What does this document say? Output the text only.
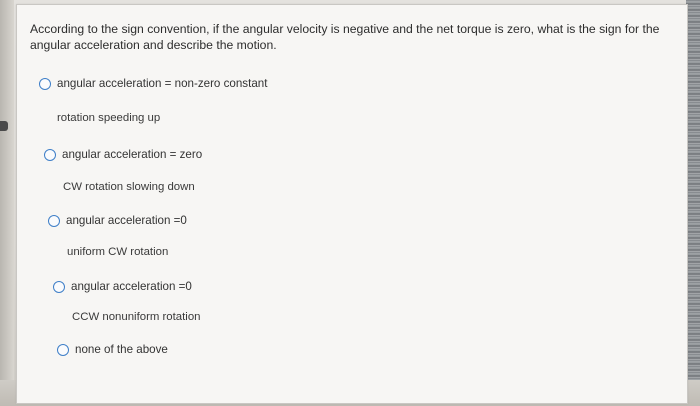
According to the sign convention, if the angular velocity is negative and the net torque is zero, what is the sign for the angular acceleration and describe the motion.
angular acceleration = non-zero constant
rotation speeding up
angular acceleration = zero
CW rotation slowing down
angular acceleration =0
uniform CW rotation
angular acceleration =0
CCW nonuniform rotation
none of the above
